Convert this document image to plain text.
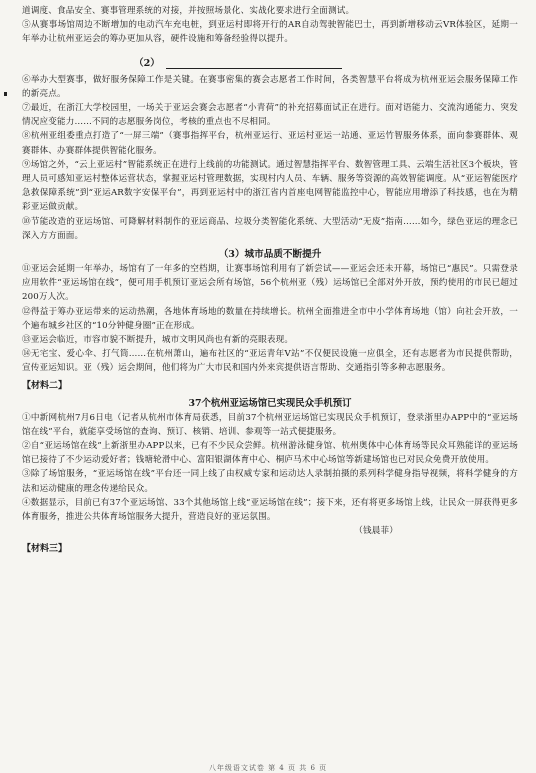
道调度、食品安全、赛事管理系统的对接，并按照场景化、实战化要求进行全面测试。

⑤从赛事场馆周边不断增加的电动汽车充电桩，到亚运村即将开行的AR自动驾驶智能巴士，再到新增移动云VR体验区，延期一年举办让杭州亚运会的筹办更加从容，硬件设施和筹备经验得以提升。

（2）

⑥举办大型赛事，做好服务保障工作是关键。在赛事密集的赛会志愿者工作时间，各类智慧平台将成为杭州亚运会服务保障工作的新亮点。

⑦最近，在浙江大学校园里，一场关于亚运会赛会志愿者“小青荷”的补充招募面试正在进行。面对语能力、交流沟通能力、突发情况应变能力……不同的志愿服务岗位，考核的重点也不尽相同。

⑧杭州亚组委重点打造了“一屏三端”（赛事指挥平台，杭州亚运行、亚运村亚运一站通、亚运竹智服务体系，面向参赛群体、观赛群体、办赛群体提供智能化服务。

⑨场馆之外，“云上亚运村”智能系统正在进行上线前的功能测试。通过智慧指挥平台、数智管理工具、云端生活社区3个板块，管理人员可感知亚运村整体运营状态，掌握亚运村管理数据，实现村内人员、车辆、服务等资源的高效智能调度。从“亚运智能医疗急救保障系统”到“亚运AR数字安保平台”，再到亚运村中的浙江省内首座电网智能监控中心，智能应用增添了科技感，也在为精彩亚运做贡献。

⑩节能改造的亚运场馆、可降解材料制作的亚运商品、垃圾分类智能化系统、大型活动“无废”指南……如今，绿色亚运的理念已深入方方面面。

（3）城市品质不断提升

⑪亚运会延期一年举办，场馆有了一年多的空档期，让赛事场馆利用有了新尝试——亚运会还未开幕，场馆已“惠民”。只需登录应用软件“亚运场馆在线”，便可用手机预订亚运会所有场馆，56个杭州亚（残）运场馆已全部对外开放，预约使用的市民已超过200万人次。

⑫得益于筹办亚运带来的运动热潮，各地体育场地的数量在持续增长。杭州全面推进全市中小学体育场地（馆）向社会开放，一个遍布城乡社区的“10分钟健身圈”正在形成。

⑬亚运会临近，市容市貌不断提升，城市文明风尚也有新的亮眼表现。

⑭无宅宝、爱心伞、打气筒……在杭州萧山，遍布社区的“亚运青年V站”不仅便民设施一应俱全，还有志愿者为市民提供帮助，宣传亚运知识。亚（残）运会期间，他们将为广大市民和国内外来宾提供语言帮助、交通指引等多种志愿服务。

【材料二】
37个杭州亚运场馆已实现民众手机预订

①中新网杭州7月6日电（记者从杭州市体育局获悉，目前37个杭州亚运场馆已实现民众手机预订，登录浙里办APP中的“亚运场馆在线”平台，就能享受场馆的查询、预订、核销、培训、参观等一站式便捷服务。

②自“亚运场馆在线”上新浙里办APP以来，已有不少民众尝鲜。杭州游泳健身馆、杭州奥体中心体育场等民众耳熟能详的亚运场馆已接待了不少运动爱好者；钱塘轮滑中心、富阳银湖体育中心、桐庐马术中心场馆等新建场馆也已对民众免费开放使用。

③除了场馆服务，“亚运场馆在线”平台还一同上线了由权威专家和运动达人录制拍摄的系列科学健身指导视频，将科学健身的方法和运动健康的理念传递给民众。

④数据显示，目前已有37个亚运场馆、33个其他场馆上线“亚运场馆在线”；接下来，还有将更多场馆上线，让民众一屏获得更多体育服务，推进公共体育场馆服务大提升，营造良好的亚运氛围。

（钱晨菲）

【材料三】
八年级语文试卷 第 4 页 共 6 页
